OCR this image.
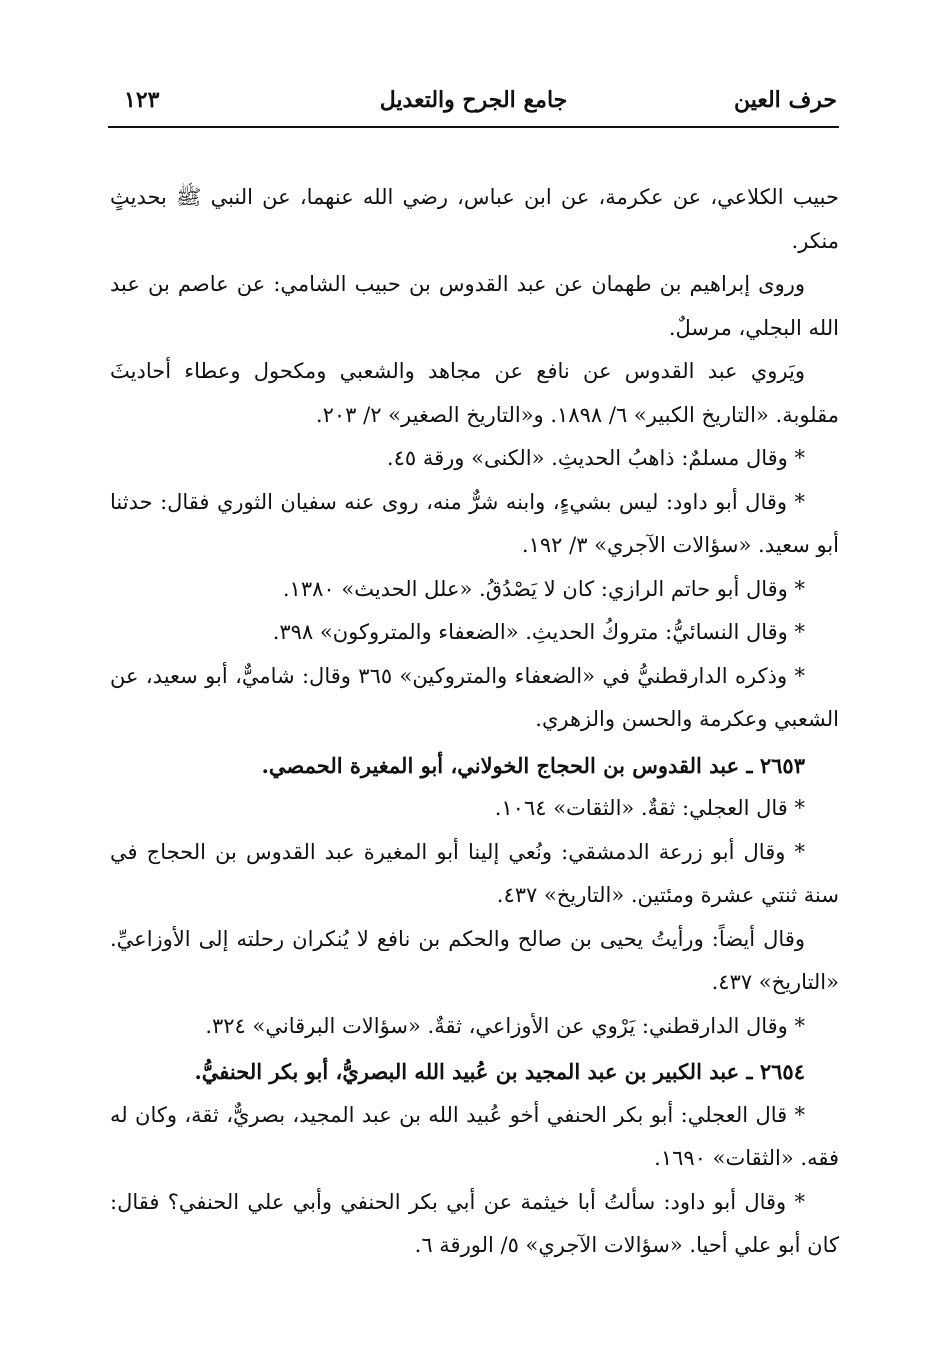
حرف العين
جامع الجرح والتعديل
١٢٣

حبيب الكلاعي، عن عكرمة، عن ابن عباس، رضي الله عنهما، عن النبي ﷺ بحديثٍ منكر.

وروى إبراهيم بن طهمان عن عبد القدوس بن حبيب الشامي: عن عاصم بن عبد الله البجلي، مرسلٌ.

ويَروي عبد القدوس عن نافع عن مجاهد والشعبي ومكحول وعطاء أحاديثَ مقلوبة. «التاريخ الكبير» ٦/ ١٨٩٨. و«التاريخ الصغير» ٢/ ٢٠٣.

* وقال مسلمٌ: ذاهبُ الحديثِ. «الكنى» ورقة ٤٥.

* وقال أبو داود: ليس بشيءٍ، وابنه شرٌّ منه، روى عنه سفيان الثوري فقال: حدثنا أبو سعيد. «سؤالات الآجري» ٣/ ١٩٢.

* وقال أبو حاتم الرازي: كان لا يَصْدُقُ. «علل الحديث» ١٣٨٠.

* وقال النسائيُّ: متروكُ الحديثِ. «الضعفاء والمتروكون» ٣٩٨.

* وذكره الدارقطنيُّ في «الضعفاء والمتروكين» ٣٦٥ وقال: شاميٌّ، أبو سعيد، عن الشعبي وعكرمة والحسن والزهري.

٢٦٥٣ ـ عبد القدوس بن الحجاج الخولاني، أبو المغيرة الحمصي.

* قال العجلي: ثقةٌ. «الثقات» ١٠٦٤.

* وقال أبو زرعة الدمشقي: ونُعي إلينا أبو المغيرة عبد القدوس بن الحجاج في سنة ثنتي عشرة ومئتين. «التاريخ» ٤٣٧.

وقال أيضاً: ورأيتُ يحيى بن صالح والحكم بن نافع لا يُنكران رحلته إلى الأوزاعيِّ. «التاريخ» ٤٣٧.

* وقال الدارقطني: يَرْوي عن الأوزاعي، ثقةٌ. «سؤالات البرقاني» ٣٢٤.

٢٦٥٤ ـ عبد الكبير بن عبد المجيد بن عُبيد الله البصريُّ، أبو بكر الحنفيُّ.

* قال العجلي: أبو بكر الحنفي أخو عُبيد الله بن عبد المجيد، بصريٌّ، ثقة، وكان له فقه. «الثقات» ١٦٩٠.

* وقال أبو داود: سألتُ أبا خيثمة عن أبي بكر الحنفي وأبي علي الحنفي؟ فقال: كان أبو علي أحيا. «سؤالات الآجري» ٥/ الورقة ٦.
